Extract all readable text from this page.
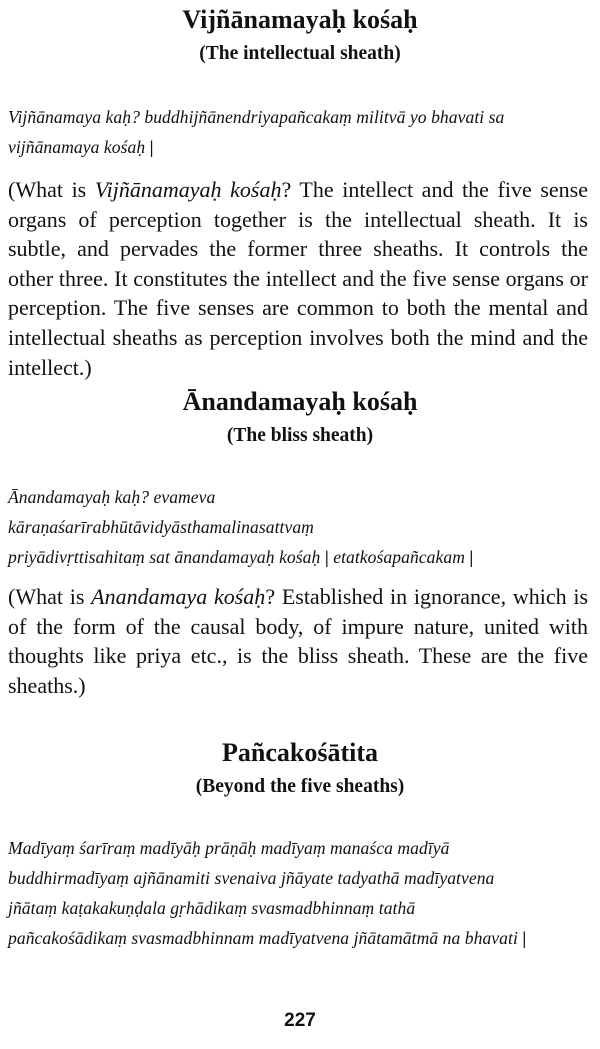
Vijñānamayaḥ kośaḥ
(The intellectual sheath)

Vijñānamaya kaḥ? buddhijñānendriyapañcakaṃ militvā yo bhavati sa

vijñānamaya kośaḥ |

(What is Vijñānamayaḥ kośaḥ? The intellect and the five sense organs of perception together is the intellectual sheath. It is subtle, and pervades the former three sheaths. It controls the other three. It constitutes the intellect and the five sense organs or perception. The five senses are common to both the mental and intellectual sheaths as perception involves both the mind and the intellect.)

Ānandamayaḥ kośaḥ
(The bliss sheath)

Ānandamayaḥ kaḥ? evameva

kāraṇaśarīrabhūtāvidyāsthamalinasattvaṃ

priyādivṛttisahitaṃ sat ānandamayaḥ kośaḥ | etatkośapañcakam |

(What is Anandamaya kośaḥ? Established in ignorance, which is of the form of the causal body, of impure nature, united with thoughts like priya etc., is the bliss sheath. These are the five sheaths.)

Pañcakośātita
(Beyond the five sheaths)

Madīyaṃ śarīraṃ madīyāḥ prāṇāḥ madīyaṃ manaśca madīyā

buddhirmadīyaṃ ajñānamiti svenaiva jñāyate tadyathā madīyatvena

jñātaṃ kaṭakakuṇḍala gṛhādikaṃ svasmadbhinnaṃ tathā

pañcakośādikaṃ svasmadbhinnam madīyatvena jñātamātmā na bhavati |

227
